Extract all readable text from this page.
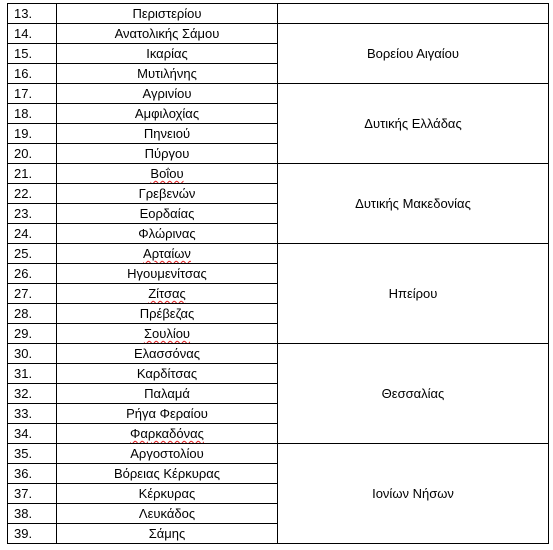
13.	Περιστερίου	
14.	Ανατολικής Σάμου	Βορείου Αιγαίου
15.	Ικαρίας	
16.	Μυτιλήνης	
17.	Αγρινίου	Δυτικής Ελλάδας
18.	Αμφιλοχίας	
19.	Πηνειού	
20.	Πύργου	
21.	Βοΐου	Δυτικής Μακεδονίας
22.	Γρεβενών	
23.	Εορδαίας	
24.	Φλώρινας	
25.	Αρταίων	Ηπείρου
26.	Ηγουμενίτσας	
27.	Ζίτσας	
28.	Πρέβεζας	
29.	Σουλίου	
30.	Ελασσόνας	Θεσσαλίας
31.	Καρδίτσας	
32.	Παλαμά	
33.	Ρήγα Φεραίου	
34.	Φαρκαδόνας	
35.	Αργοστολίου	Ιονίων Νήσων
36.	Βόρειας Κέρκυρας	
37.	Κέρκυρας	
38.	Λευκάδος	
39.	Σάμης	
